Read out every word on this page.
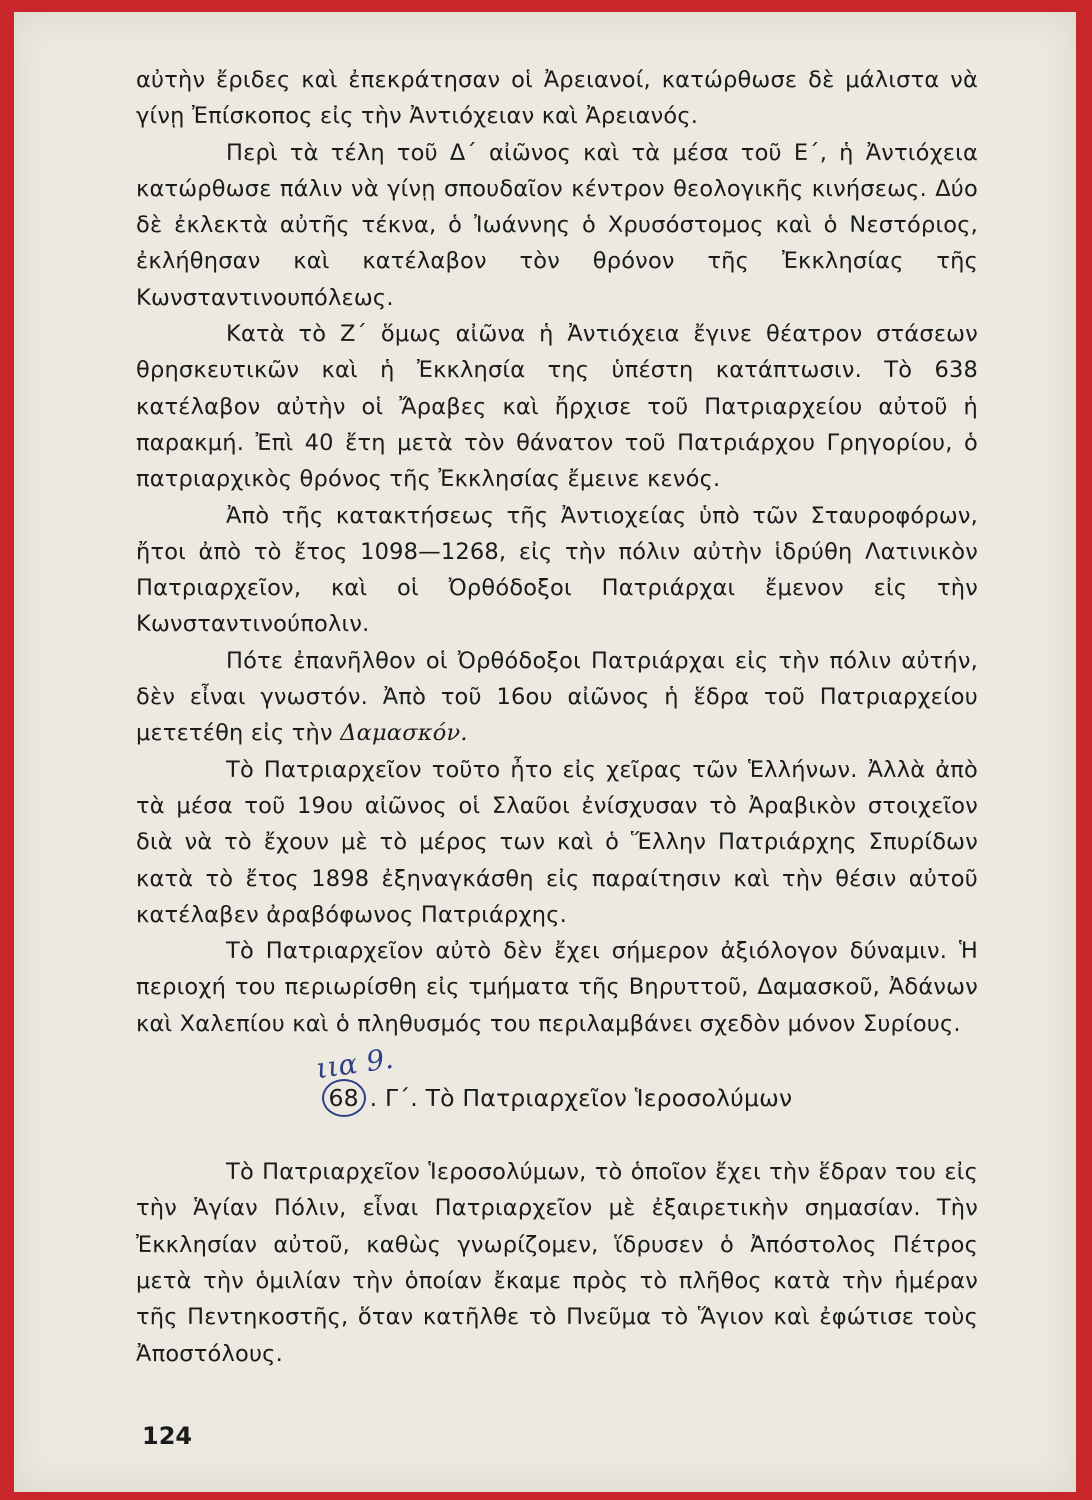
αὐτὴν ἔριδες καὶ ἐπεκράτησαν οἱ Ἀρειανοί, κατώρθωσε δὲ μάλιστα νὰ γίνῃ Ἐπίσκοπος εἰς τὴν Ἀντιόχειαν καὶ Ἀρειανός.

Περὶ τὰ τέλη τοῦ Δ΄ αἰῶνος καὶ τὰ μέσα τοῦ Ε΄, ἡ Ἀντιόχεια κατώρθωσε πάλιν νὰ γίνῃ σπουδαῖον κέντρον θεολογικῆς κινήσεως. Δύο δὲ ἐκλεκτὰ αὐτῆς τέκνα, ὁ Ἰωάννης ὁ Χρυσόστομος καὶ ὁ Νεστόριος, ἐκλήθησαν καὶ κατέλαβον τὸν θρόνον τῆς Ἐκκλησίας τῆς Κωνσταντινουπόλεως.

Κατὰ τὸ Ζ΄ ὅμως αἰῶνα ἡ Ἀντιόχεια ἔγινε θέατρον στάσεων θρησκευτικῶν καὶ ἡ Ἐκκλησία της ὑπέστη κατάπτωσιν. Τὸ 638 κατέλαβον αὐτὴν οἱ Ἄραβες καὶ ἤρχισε τοῦ Πατριαρχείου αὐτοῦ ἡ παρακμή. Ἐπὶ 40 ἔτη μετὰ τὸν θάνατον τοῦ Πατριάρχου Γρηγορίου, ὁ πατριαρχικὸς θρόνος τῆς Ἐκκλησίας ἔμεινε κενός.

Ἀπὸ τῆς κατακτήσεως τῆς Ἀντιοχείας ὑπὸ τῶν Σταυροφόρων, ἤτοι ἀπὸ τὸ ἔτος 1098—1268, εἰς τὴν πόλιν αὐτὴν ἱδρύθη Λατινικὸν Πατριαρχεῖον, καὶ οἱ Ὀρθόδοξοι Πατριάρχαι ἔμενον εἰς τὴν Κωνσταντινούπολιν.

Πότε ἐπανῆλθον οἱ Ὀρθόδοξοι Πατριάρχαι εἰς τὴν πόλιν αὐτήν, δὲν εἶναι γνωστόν. Ἀπὸ τοῦ 16ου αἰῶνος ἡ ἕδρα τοῦ Πατριαρχείου μετετέθη εἰς τὴν Δαμασκόν.

Τὸ Πατριαρχεῖον τοῦτο ἦτο εἰς χεῖρας τῶν Ἑλλήνων. Ἀλλὰ ἀπὸ τὰ μέσα τοῦ 19ου αἰῶνος οἱ Σλαῦοι ἐνίσχυσαν τὸ Ἀραβικὸν στοιχεῖον διὰ νὰ τὸ ἔχουν μὲ τὸ μέρος των καὶ ὁ Ἕλλην Πατριάρχης Σπυρίδων κατὰ τὸ ἔτος 1898 ἐξηναγκάσθη εἰς παραίτησιν καὶ τὴν θέσιν αὐτοῦ κατέλαβεν ἀραβόφωνος Πατριάρχης.

Τὸ Πατριαρχεῖον αὐτὸ δὲν ἔχει σήμερον ἀξιόλογον δύναμιν. Ἡ περιοχή του περιωρίσθη εἰς τμήματα τῆς Βηρυττοῦ, Δαμασκοῦ, Ἀδάνων καὶ Χαλεπίου καὶ ὁ πληθυσμός του περιλαμβάνει σχεδὸν μόνον Συρίους.

ιια 9.
68 . Γ΄. Τὸ Πατριαρχεῖον Ἱεροσολύμων

Τὸ Πατριαρχεῖον Ἱεροσολύμων, τὸ ὁποῖον ἔχει τὴν ἕδραν του εἰς τὴν Ἁγίαν Πόλιν, εἶναι Πατριαρχεῖον μὲ ἐξαιρετικὴν σημασίαν. Τὴν Ἐκκλησίαν αὐτοῦ, καθὼς γνωρίζομεν, ἵδρυσεν ὁ Ἀπόστολος Πέτρος μετὰ τὴν ὁμιλίαν τὴν ὁποίαν ἔκαμε πρὸς τὸ πλῆθος κατὰ τὴν ἡμέραν τῆς Πεντηκοστῆς, ὅταν κατῆλθε τὸ Πνεῦμα τὸ Ἅγιον καὶ ἐφώτισε τοὺς Ἀποστόλους.

124
